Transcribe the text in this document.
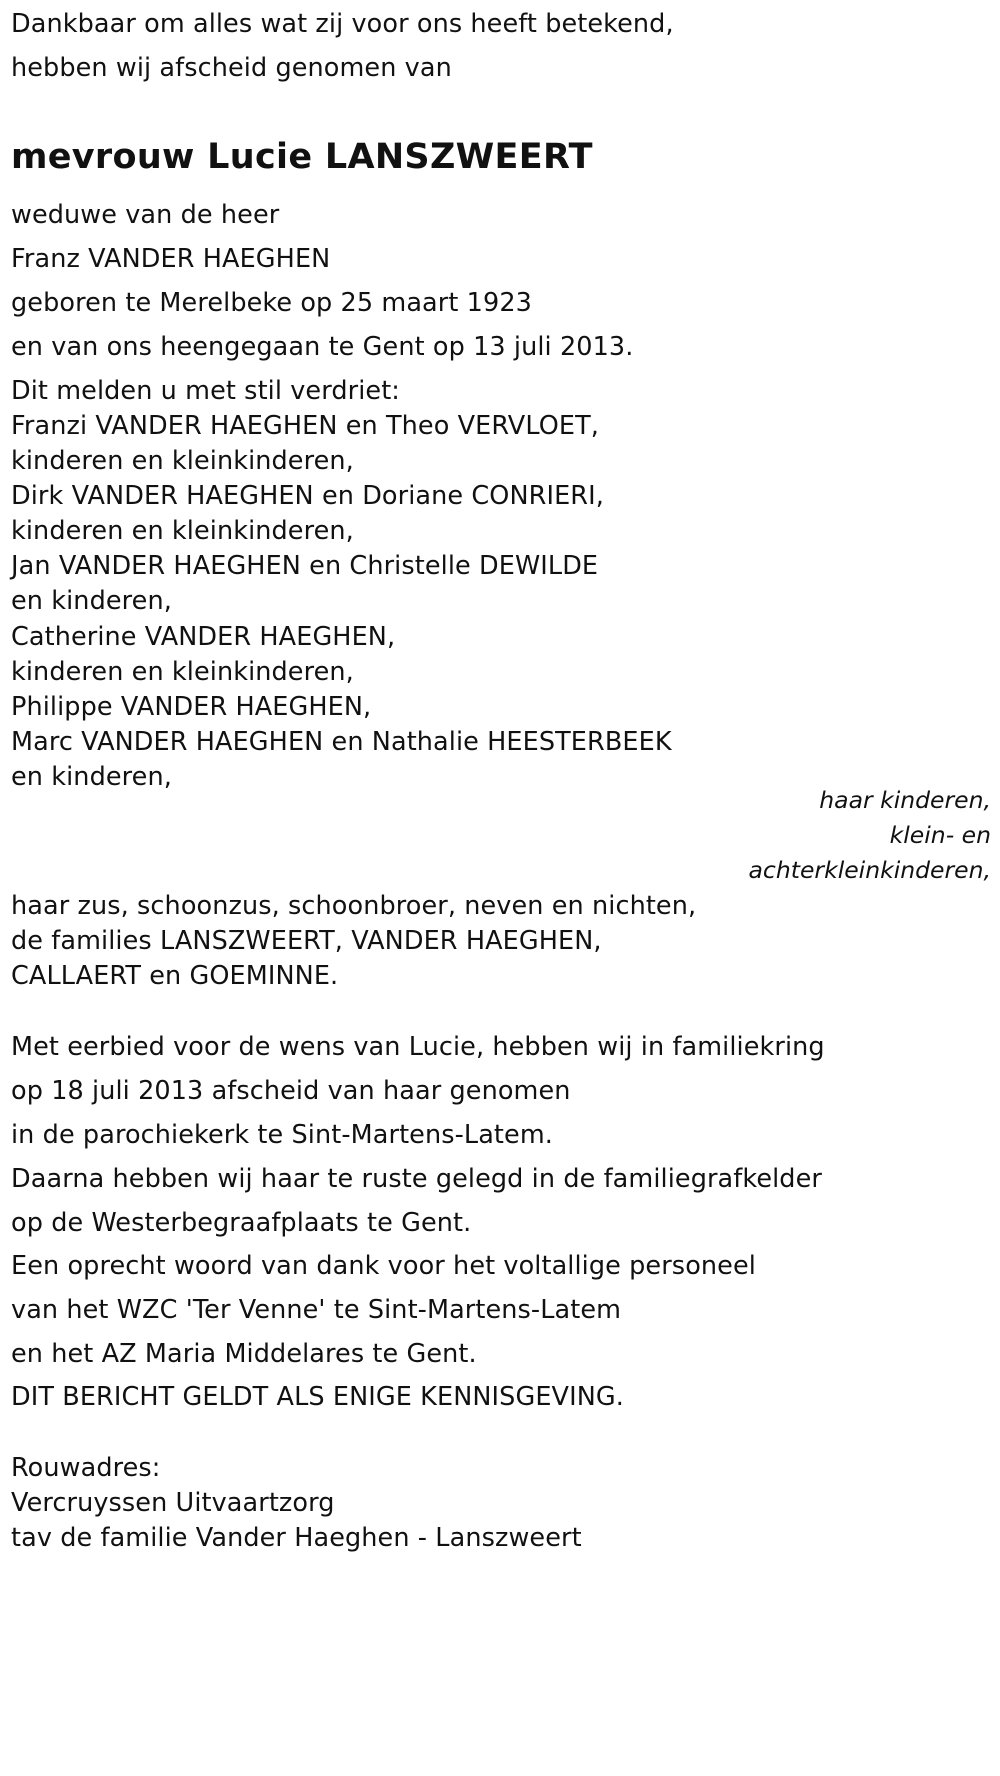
Dankbaar om alles wat zij voor ons heeft betekend,
hebben wij afscheid genomen van
mevrouw Lucie LANSZWEERT
weduwe van de heer
Franz VANDER HAEGHEN
geboren te Merelbeke op 25 maart 1923
en van ons heengegaan te Gent op 13 juli 2013.
Dit melden u met stil verdriet:
Franzi VANDER HAEGHEN en Theo VERVLOET,
kinderen en kleinkinderen,
Dirk VANDER HAEGHEN en Doriane CONRIERI,
kinderen en kleinkinderen,
Jan VANDER HAEGHEN en Christelle DEWILDE
en kinderen,
Catherine VANDER HAEGHEN,
kinderen en kleinkinderen,
Philippe VANDER HAEGHEN,
Marc VANDER HAEGHEN en Nathalie HEESTERBEEK
en kinderen,
haar kinderen,
klein- en
achterkleinkinderen,
haar zus, schoonzus, schoonbroer, neven en nichten,
de families LANSZWEERT, VANDER HAEGHEN,
CALLAERT en GOEMINNE.
Met eerbied voor de wens van Lucie, hebben wij in familiekring
op 18 juli 2013 afscheid van haar genomen
in de parochiekerk te Sint-Martens-Latem.
Daarna hebben wij haar te ruste gelegd in de familiegrafkelder
op de Westerbegraafplaats te Gent.
Een oprecht woord van dank voor het voltallige personeel
van het WZC 'Ter Venne' te Sint-Martens-Latem
en het AZ Maria Middelares te Gent.
DIT BERICHT GELDT ALS ENIGE KENNISGEVING.
Rouwadres:
Vercruyssen Uitvaartzorg
tav de familie Vander Haeghen - Lanszweert
